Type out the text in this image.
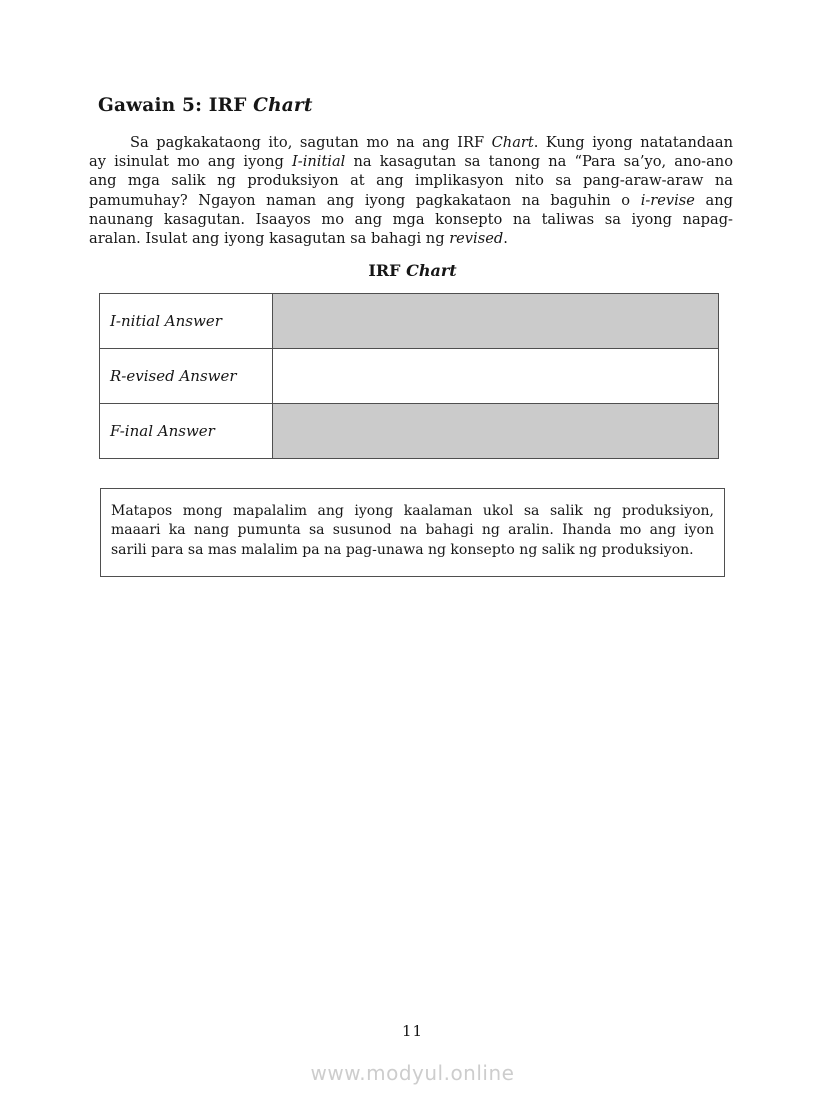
Gawain 5: IRF Chart
Sa pagkakataong ito, sagutan mo na ang IRF Chart. Kung iyong natatandaan
ay isinulat mo ang iyong I-initial na kasagutan sa tanong na “Para sa’yo, ano-ano
ang mga salik ng produksiyon at ang implikasyon nito sa pang-araw-araw na
pamumuhay? Ngayon naman ang iyong pagkakataon na baguhin o i-revise ang
naunang kasagutan. Isaayos mo ang mga konsepto na taliwas sa iyong napag-
aralan. Isulat ang iyong kasagutan sa bahagi ng revised.
IRF Chart
I-nitial Answer	
R-evised Answer	
F-inal Answer	
Matapos mong mapalalim ang iyong kaalaman ukol sa salik ng produksiyon,
maaari ka nang pumunta sa susunod na bahagi ng aralin. Ihanda mo ang iyon
sarili para sa mas malalim pa na pag-unawa ng konsepto ng salik ng produksiyon.
11
www.modyul.online
